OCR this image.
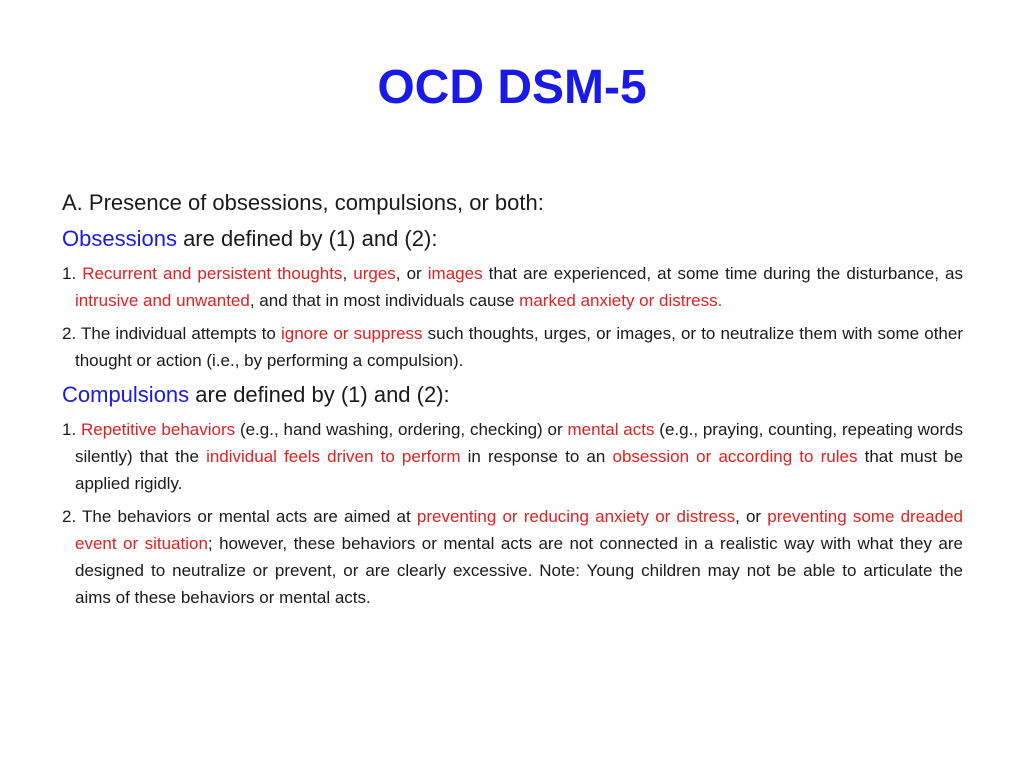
OCD DSM-5

A. Presence of obsessions, compulsions, or both:

Obsessions are defined by (1) and (2):

1. Recurrent and persistent thoughts, urges, or images that are experienced, at some time during the disturbance, as intrusive and unwanted, and that in most individuals cause marked anxiety or distress.

2. The individual attempts to ignore or suppress such thoughts, urges, or images, or to neutralize them with some other thought or action (i.e., by performing a compulsion).

Compulsions are defined by (1) and (2):

1. Repetitive behaviors (e.g., hand washing, ordering, checking) or mental acts (e.g., praying, counting, repeating words silently) that the individual feels driven to perform in response to an obsession or according to rules that must be applied rigidly.

2. The behaviors or mental acts are aimed at preventing or reducing anxiety or distress, or preventing some dreaded event or situation; however, these behaviors or mental acts are not connected in a realistic way with what they are designed to neutralize or prevent, or are clearly excessive. Note: Young children may not be able to articulate the aims of these behaviors or mental acts.
